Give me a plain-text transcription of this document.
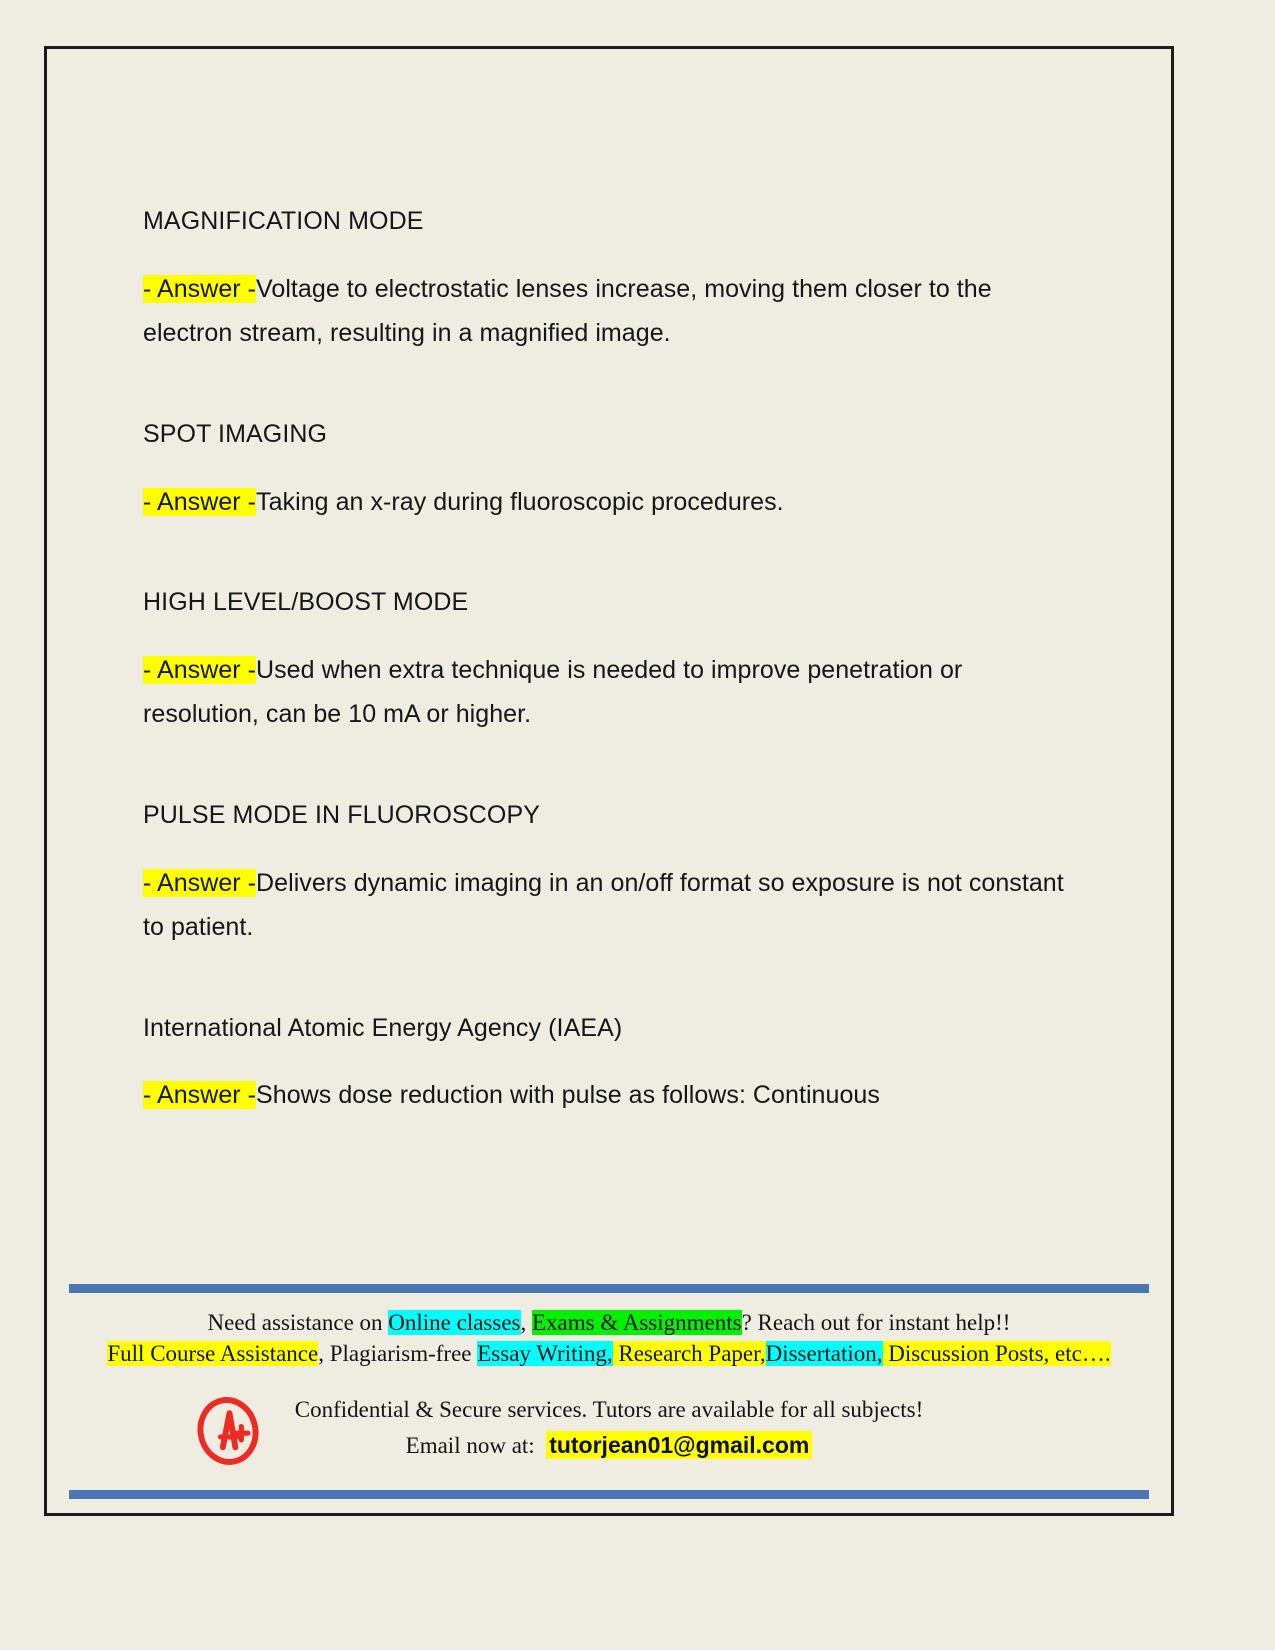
MAGNIFICATION MODE
- Answer -Voltage to electrostatic lenses increase, moving them closer to the electron stream, resulting in a magnified image.
SPOT IMAGING
- Answer -Taking an x-ray during fluoroscopic procedures.
HIGH LEVEL/BOOST MODE
- Answer -Used when extra technique is needed to improve penetration or resolution, can be 10 mA or higher.
PULSE MODE IN FLUOROSCOPY
- Answer -Delivers dynamic imaging in an on/off format so exposure is not constant to patient.
International Atomic Energy Agency (IAEA)
- Answer -Shows dose reduction with pulse as follows: Continuous
Need assistance on Online classes, Exams & Assignments? Reach out for instant help!!
Full Course Assistance, Plagiarism-free Essay Writing, Research Paper,Dissertation, Discussion Posts, etc….
Confidential & Secure services. Tutors are available for all subjects!
Email now at: tutorjean01@gmail.com
